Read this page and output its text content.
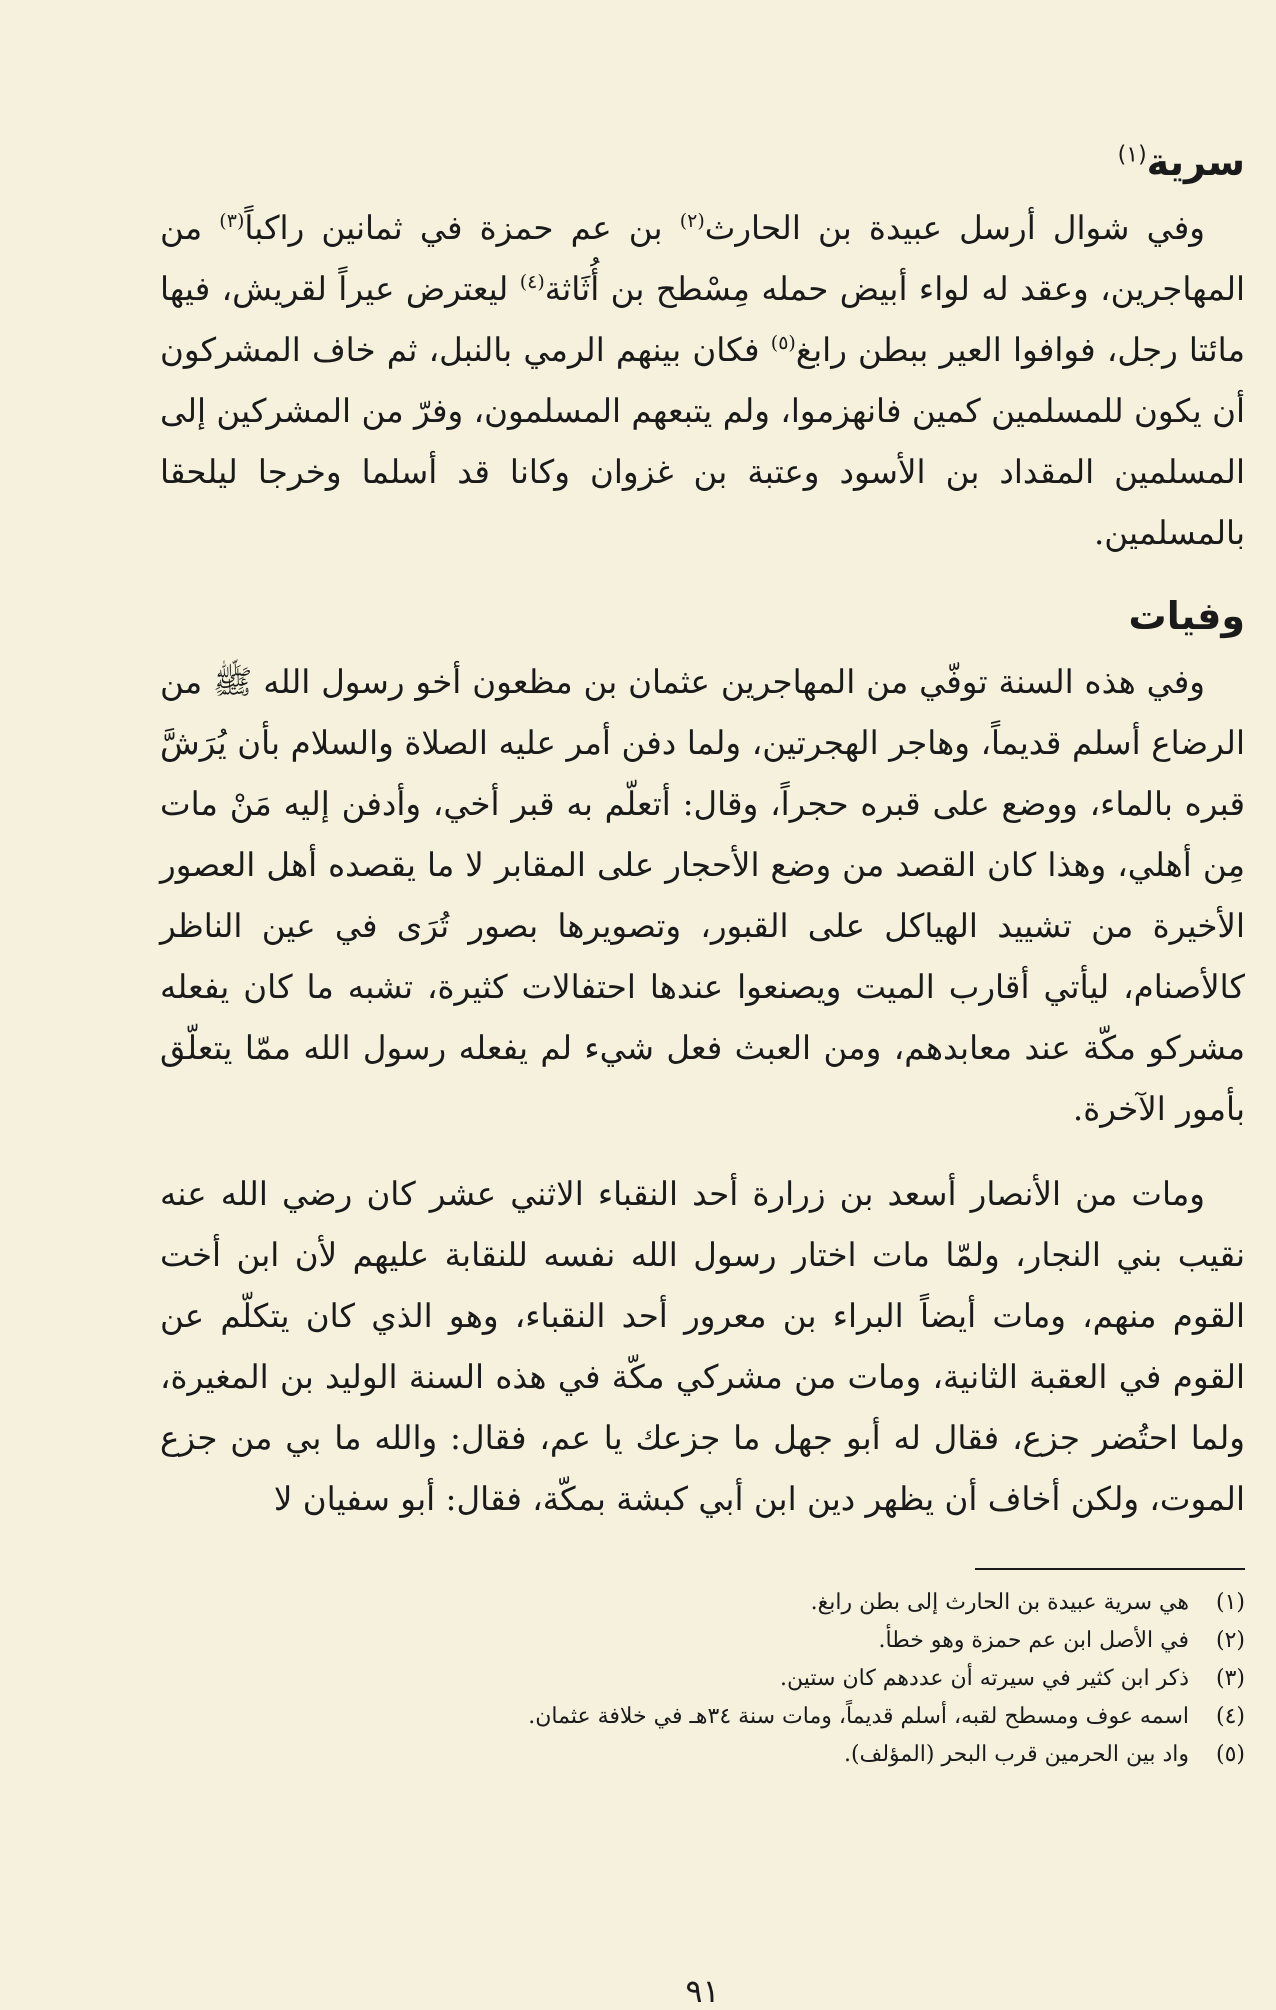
سرية$^{(١)}$

وفي شوال أرسل عبيدة بن الحارث$^{(٢)}$ بن عم حمزة في ثمانين راكباً$^{(٣)}$ من المهاجرين، وعقد له لواء أبيض حمله مِسْطح بن أُثَاثة$^{(٤)}$ ليعترض عيراً لقريش، فيها مائتا رجل، فوافوا العير ببطن رابغ$^{(٥)}$ فكان بينهم الرمي بالنبل، ثم خاف المشركون أن يكون للمسلمين كمين فانهزموا، ولم يتبعهم المسلمون، وفرّ من المشركين إلى المسلمين المقداد بن الأسود وعتبة بن غزوان وكانا قد أسلما وخرجا ليلحقا بالمسلمين.

وفيات

وفي هذه السنة توفّي من المهاجرين عثمان بن مظعون أخو رسول الله ﷺ من الرضاع أسلم قديماً، وهاجر الهجرتين، ولما دفن أمر عليه الصلاة والسلام بأن يُرَشَّ قبره بالماء، ووضع على قبره حجراً، وقال: أتعلّم به قبر أخي، وأدفن إليه مَنْ مات مِن أهلي، وهذا كان القصد من وضع الأحجار على المقابر لا ما يقصده أهل العصور الأخيرة من تشييد الهياكل على القبور، وتصويرها بصور تُرَى في عين الناظر كالأصنام، ليأتي أقارب الميت ويصنعوا عندها احتفالات كثيرة، تشبه ما كان يفعله مشركو مكّة عند معابدهم، ومن العبث فعل شيء لم يفعله رسول الله ممّا يتعلّق بأمور الآخرة.

ومات من الأنصار أسعد بن زرارة أحد النقباء الاثني عشر كان رضي الله عنه نقيب بني النجار، ولمّا مات اختار رسول الله نفسه للنقابة عليهم لأن ابن أخت القوم منهم، ومات أيضاً البراء بن معرور أحد النقباء، وهو الذي كان يتكلّم عن القوم في العقبة الثانية، ومات من مشركي مكّة في هذه السنة الوليد بن المغيرة، ولما احتُضر جزع، فقال له أبو جهل ما جزعك يا عم، فقال: والله ما بي من جزع الموت، ولكن أخاف أن يظهر دين ابن أبي كبشة بمكّة، فقال: أبو سفيان لا

(١)
هي سرية عبيدة بن الحارث إلى بطن رابغ.
(٢)
في الأصل ابن عم حمزة وهو خطأ.
(٣)
ذكر ابن كثير في سيرته أن عددهم كان ستين.
(٤)
اسمه عوف ومسطح لقبه، أسلم قديماً، ومات سنة ٣٤هـ في خلافة عثمان.
(٥)
واد بين الحرمين قرب البحر (المؤلف).
٩١
